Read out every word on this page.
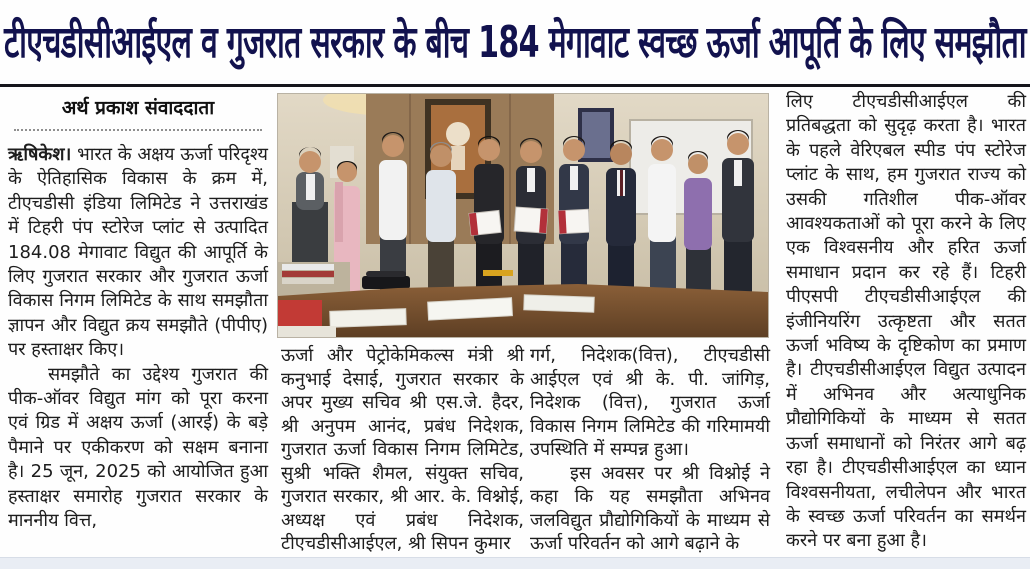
टीएचडीसीआईएल व गुजरात सरकार के बीच 184 मेगावाट स्वच्छ ऊर्जा आपूर्ति के लिए समझौता
अर्थ प्रकाश संवाददाता

ऋषिकेश। भारत के अक्षय ऊर्जा परिदृश्य के ऐतिहासिक विकास के क्रम में, टीएचडीसी इंडिया लिमिटेड ने उत्तराखंड में टिहरी पंप स्टोरेज प्लांट से उत्पादित 184.08 मेगावाट विद्युत की आपूर्ति के लिए गुजरात सरकार और गुजरात ऊर्जा विकास निगम लिमिटेड के साथ समझौता ज्ञापन और विद्युत क्रय समझौते (पीपीए) पर हस्ताक्षर किए।

समझौते का उद्देश्य गुजरात की पीक-ऑवर विद्युत मांग को पूरा करना एवं ग्रिड में अक्षय ऊर्जा (आरई) के बड़े पैमाने पर एकीकरण को सक्षम बनाना है। 25 जून, 2025 को आयोजित हुआ हस्ताक्षर समारोह गुजरात सरकार के माननीय वित्त,

ऊर्जा और पेट्रोकेमिकल्स मंत्री श्री कनुभाई देसाई, गुजरात सरकार के अपर मुख्य सचिव श्री एस.जे. हैदर, श्री अनुपम आनंद, प्रबंध निदेशक, गुजरात ऊर्जा विकास निगम लिमिटेड, सुश्री भक्ति शैमल, संयुक्त सचिव, गुजरात सरकार, श्री आर. के. विश्नोई, अध्यक्ष एवं प्रबंध निदेशक, टीएचडीसीआईएल, श्री सिपन कुमार

गर्ग, निदेशक(वित्त), टीएचडीसी आईएल एवं श्री के. पी. जांगिड़, निदेशक (वित्त), गुजरात ऊर्जा विकास निगम लिमिटेड की गरिमामयी उपस्थिति में सम्पन्न हुआ।

इस अवसर पर श्री विश्नोई ने कहा कि यह समझौता अभिनव जलविद्युत प्रौद्योगिकियों के माध्यम से ऊर्जा परिवर्तन को आगे बढ़ाने के

लिए टीएचडीसीआईएल की प्रतिबद्धता को सुदृढ़ करता है। भारत के पहले वेरिएबल स्पीड पंप स्टोरेज प्लांट के साथ, हम गुजरात राज्य को उसकी गतिशील पीक-ऑवर आवश्यकताओं को पूरा करने के लिए एक विश्वसनीय और हरित ऊर्जा समाधान प्रदान कर रहे हैं। टिहरी पीएसपी टीएचडीसीआईएल की इंजीनियरिंग उत्कृष्टता और सतत ऊर्जा भविष्य के दृष्टिकोण का प्रमाण है। टीएचडीसीआईएल विद्युत उत्पादन में अभिनव और अत्याधुनिक प्रौद्योगिकियों के माध्यम से सतत ऊर्जा समाधानों को निरंतर आगे बढ़ रहा है। टीएचडीसीआईएल का ध्यान विश्वसनीयता, लचीलेपन और भारत के स्वच्छ ऊर्जा परिवर्तन का समर्थन करने पर बना हुआ है।
